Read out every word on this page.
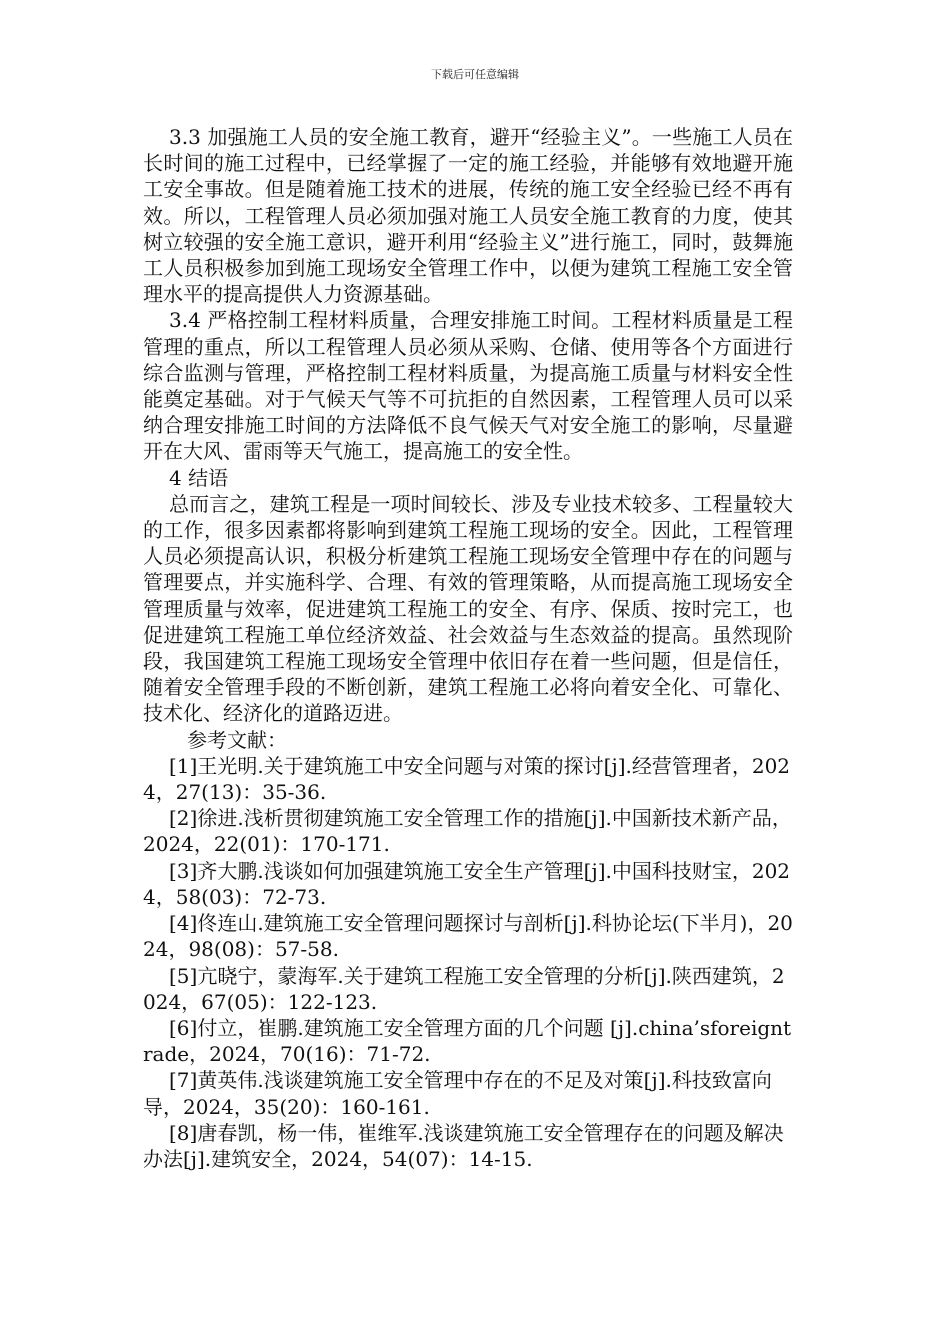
下载后可任意编辑

3.3 加强施工人员的安全施工教育，避开“经验主义”。一些施工人员在长时间的施工过程中，已经掌握了一定的施工经验，并能够有效地避开施工安全事故。但是随着施工技术的进展，传统的施工安全经验已经不再有效。所以，工程管理人员必须加强对施工人员安全施工教育的力度，使其树立较强的安全施工意识，避开利用“经验主义”进行施工，同时，鼓舞施工人员积极参加到施工现场安全管理工作中，以便为建筑工程施工安全管理水平的提高提供人力资源基础。

3.4 严格控制工程材料质量，合理安排施工时间。工程材料质量是工程管理的重点，所以工程管理人员必须从采购、仓储、使用等各个方面进行综合监测与管理，严格控制工程材料质量，为提高施工质量与材料安全性能奠定基础。对于气候天气等不可抗拒的自然因素，工程管理人员可以采纳合理安排施工时间的方法降低不良气候天气对安全施工的影响，尽量避开在大风、雷雨等天气施工，提高施工的安全性。

4 结语

总而言之，建筑工程是一项时间较长、涉及专业技术较多、工程量较大的工作，很多因素都将影响到建筑工程施工现场的安全。因此，工程管理人员必须提高认识，积极分析建筑工程施工现场安全管理中存在的问题与管理要点，并实施科学、合理、有效的管理策略，从而提高施工现场安全管理质量与效率，促进建筑工程施工的安全、有序、保质、按时完工，也促进建筑工程施工单位经济效益、社会效益与生态效益的提高。虽然现阶段，我国建筑工程施工现场安全管理中依旧存在着一些问题，但是信任，随着安全管理手段的不断创新，建筑工程施工必将向着安全化、可靠化、技术化、经济化的道路迈进。

参考文献：

[1]王光明.关于建筑施工中安全问题与对策的探讨[j].经营管理者，2024，27(13)：35-36.

[2]徐进.浅析贯彻建筑施工安全管理工作的措施[j].中国新技术新产品，2024，22(01)：170-171.

[3]齐大鹏.浅谈如何加强建筑施工安全生产管理[j].中国科技财宝，2024，58(03)：72-73.

[4]佟连山.建筑施工安全管理问题探讨与剖析[j].科协论坛(下半月)，2024，98(08)：57-58.

[5]亢晓宁，蒙海军.关于建筑工程施工安全管理的分析[j].陕西建筑，2024，67(05)：122-123.

[6]付立，崔鹏.建筑施工安全管理方面的几个问题 [j].china’sforeigntrade，2024，70(16)：71-72.

[7]黄英伟.浅谈建筑施工安全管理中存在的不足及对策[j].科技致富向导，2024，35(20)：160-161.

[8]唐春凯，杨一伟，崔维军.浅谈建筑施工安全管理存在的问题及解决办法[j].建筑安全，2024，54(07)：14-15.
